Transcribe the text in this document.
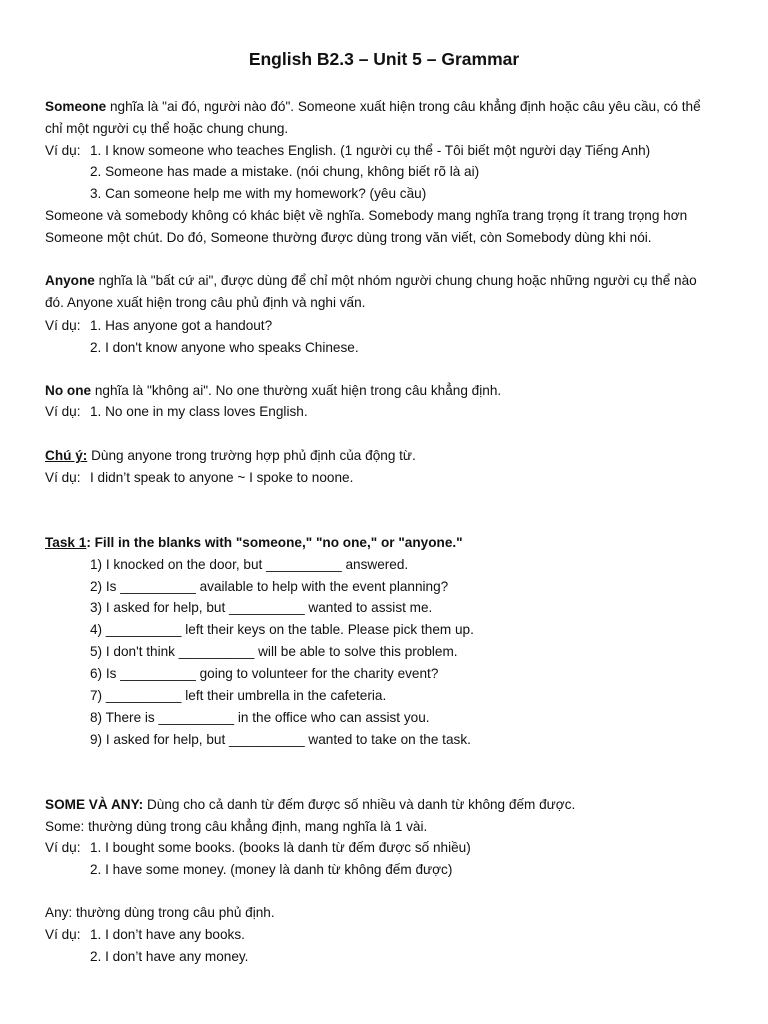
English B2.3 – Unit 5 – Grammar
Someone nghĩa là "ai đó, người nào đó". Someone xuất hiện trong câu khẳng định hoặc câu yêu cầu, có thể
chỉ một người cụ thể hoặc chung chung.
Ví dụ: 1. I know someone who teaches English. (1 người cụ thể - Tôi biết một người dạy Tiếng Anh)
2. Someone has made a mistake. (nói chung, không biết rõ là ai)
3. Can someone help me with my homework? (yêu cầu)
Someone và somebody không có khác biệt về nghĩa. Somebody mang nghĩa trang trọng ít trang trọng hơn
Someone một chút. Do đó, Someone thường được dùng trong văn viết, còn Somebody dùng khi nói.
Anyone nghĩa là "bất cứ ai", được dùng để chỉ một nhóm người chung chung hoặc những người cụ thể nào
đó. Anyone xuất hiện trong câu phủ định và nghi vấn.
Ví dụ: 1. Has anyone got a handout?
2. I don't know anyone who speaks Chinese.
No one nghĩa là "không ai". No one thường xuất hiện trong câu khẳng định.
Ví dụ: 1. No one in my class loves English.
Chú ý: Dùng anyone trong trường hợp phủ định của động từ.
Ví dụ: I didn’t speak to anyone ~ I spoke to noone.
Task 1: Fill in the blanks with "someone," "no one," or "anyone."
1) I knocked on the door, but __________ answered.
2) Is __________ available to help with the event planning?
3) I asked for help, but __________ wanted to assist me.
4) __________ left their keys on the table. Please pick them up.
5) I don't think __________ will be able to solve this problem.
6) Is __________ going to volunteer for the charity event?
7) __________ left their umbrella in the cafeteria.
8) There is __________ in the office who can assist you.
9) I asked for help, but __________ wanted to take on the task.
SOME VÀ ANY: Dùng cho cả danh từ đếm được số nhiều và danh từ không đếm được.
Some: thường dùng trong câu khẳng định, mang nghĩa là 1 vài.
Ví dụ: 1. I bought some books. (books là danh từ đếm được số nhiều)
2. I have some money. (money là danh từ không đếm được)
Any: thường dùng trong câu phủ định.
Ví dụ: 1. I don’t have any books.
2. I don’t have any money.
